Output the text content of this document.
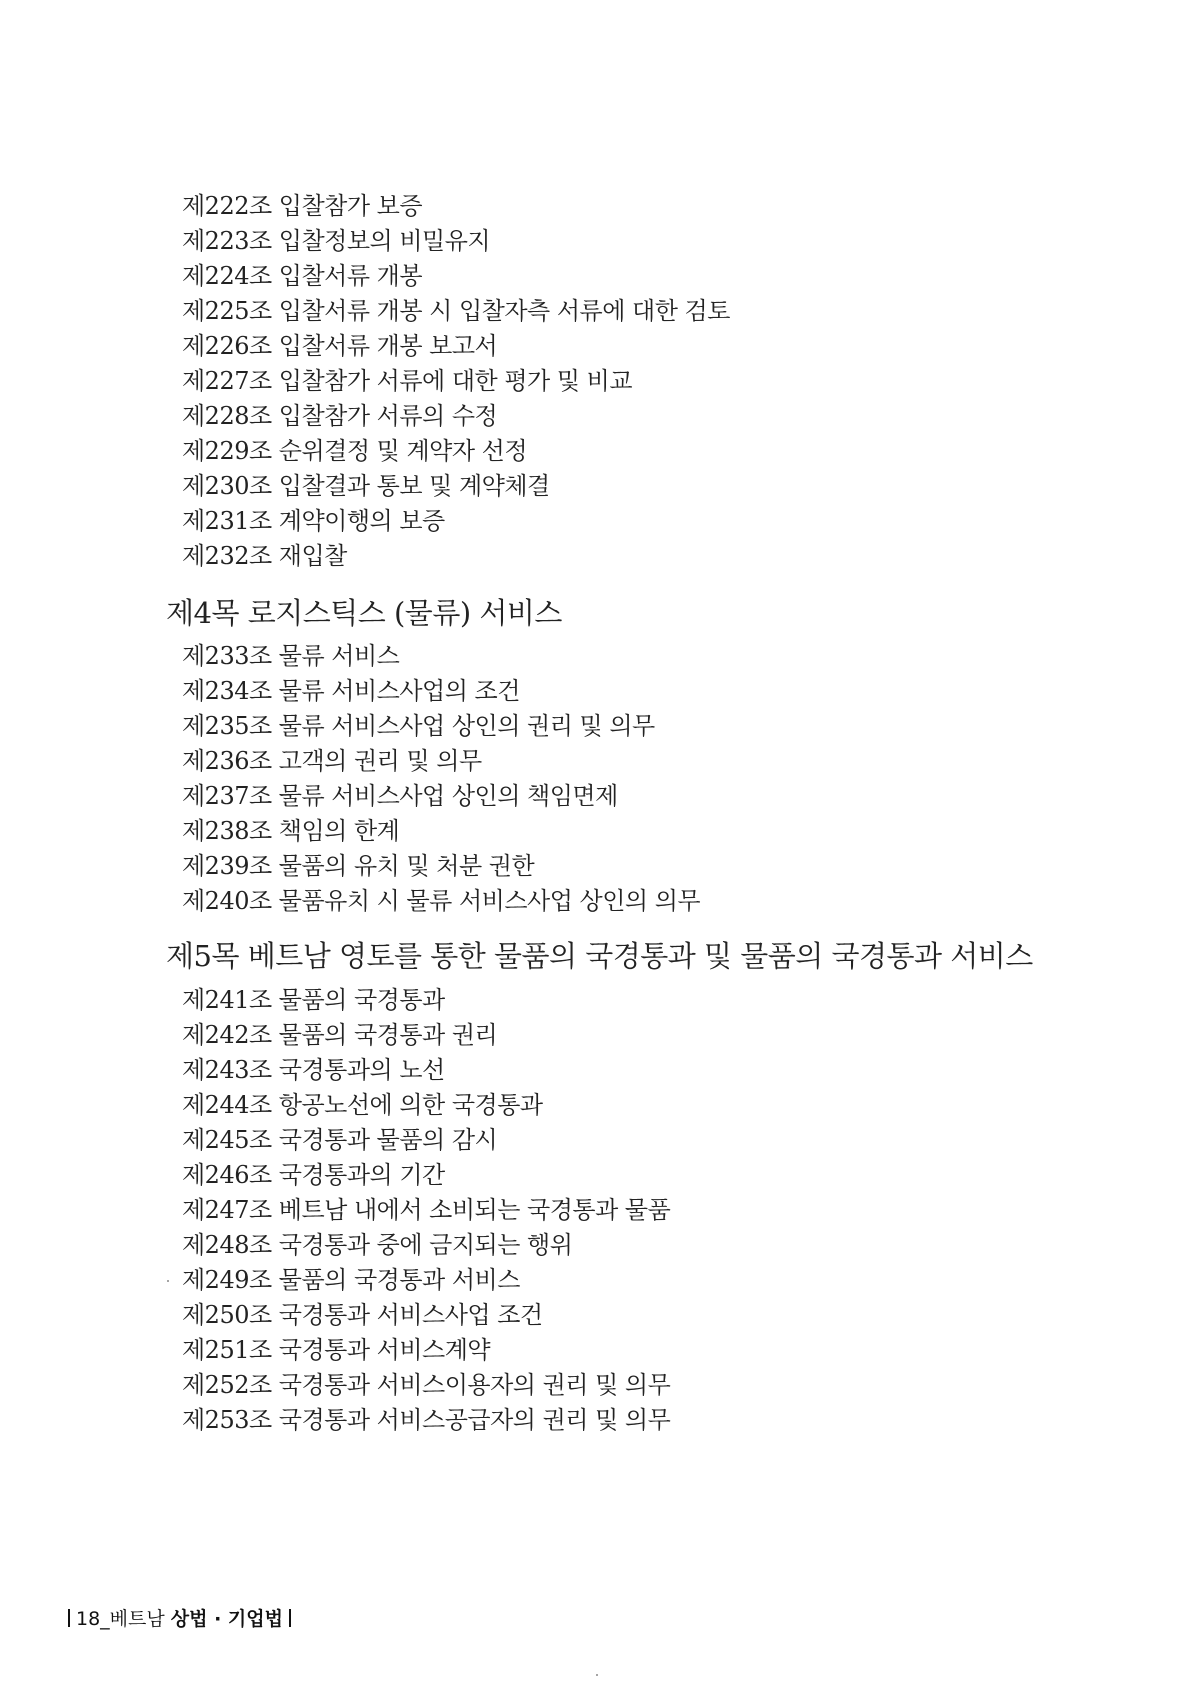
제222조 입찰참가 보증
제223조 입찰정보의 비밀유지
제224조 입찰서류 개봉
제225조 입찰서류 개봉 시 입찰자측 서류에 대한 검토
제226조 입찰서류 개봉 보고서
제227조 입찰참가 서류에 대한 평가 및 비교
제228조 입찰참가 서류의 수정
제229조 순위결정 및 계약자 선정
제230조 입찰결과 통보 및 계약체결
제231조 계약이행의 보증
제232조 재입찰
제4목 로지스틱스 (물류) 서비스
제233조 물류 서비스
제234조 물류 서비스사업의 조건
제235조 물류 서비스사업 상인의 권리 및 의무
제236조 고객의 권리 및 의무
제237조 물류 서비스사업 상인의 책임면제
제238조 책임의 한계
제239조 물품의 유치 및 처분 권한
제240조 물품유치 시 물류 서비스사업 상인의 의무
제5목 베트남 영토를 통한 물품의 국경통과 및 물품의 국경통과 서비스
제241조 물품의 국경통과
제242조 물품의 국경통과 권리
제243조 국경통과의 노선
제244조 항공노선에 의한 국경통과
제245조 국경통과 물품의 감시
제246조 국경통과의 기간
제247조 베트남 내에서 소비되는 국경통과 물품
제248조 국경통과 중에 금지되는 행위
제249조 물품의 국경통과 서비스
제250조 국경통과 서비스사업 조건
제251조 국경통과 서비스계약
제252조 국경통과 서비스이용자의 권리 및 의무
제253조 국경통과 서비스공급자의 권리 및 의무
18_베트남 상법 · 기업법
